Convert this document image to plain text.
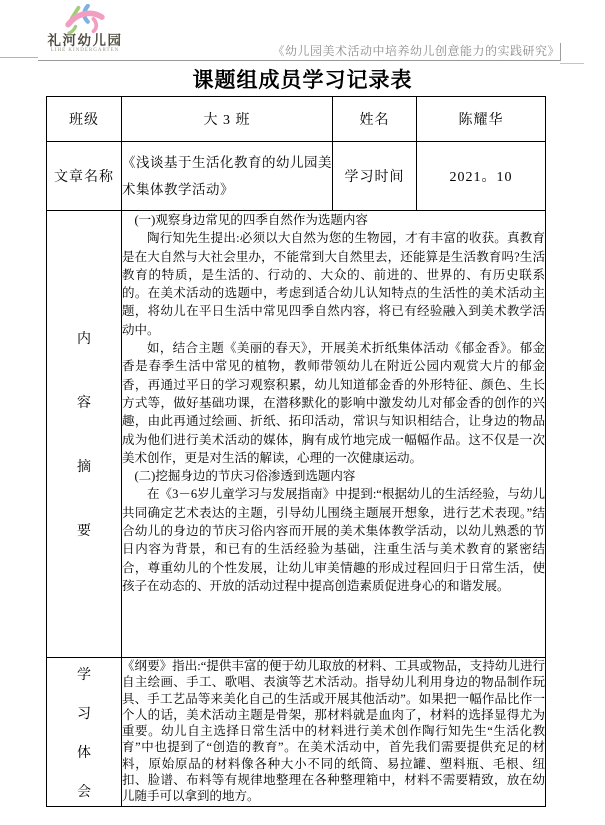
礼河幼儿园
LIHE KINDERGARTEN	《幼儿园美术活动中培养幼儿创意能力的实践研究》
课题组成员学习记录表
班级	大 3 班	姓名	陈耀华
文章名称	《浅谈基于生活化教育的幼儿园美术集体教学活动》	学习时间	2021。10

内
容
摘
要

(一)观察身边常见的四季自然作为选题内容

陶行知先生提出:必须以大自然为您的生物园，才有丰富的收获。真教育是在大自然与大社会里办，不能常到大自然里去，还能算是生活教育吗?生活教育的特质，是生活的、行动的、大众的、前进的、世界的、有历史联系的。在美术活动的选题中，考虑到适合幼儿认知特点的生活性的美术活动主题，将幼儿在平日生活中常见四季自然内容，将已有经验融入到美术教学活动中。

如，结合主题《美丽的春天》，开展美术折纸集体活动《郁金香》。郁金香是春季生活中常见的植物，教师带领幼儿在附近公园内观赏大片的郁金香，再通过平日的学习观察积累，幼儿知道郁金香的外形特征、颜色、生长方式等，做好基础功课，在潜移默化的影响中激发幼儿对郁金香的创作的兴趣，由此再通过绘画、折纸、拓印活动，常识与知识相结合，让身边的物品成为他们进行美术活动的媒体，胸有成竹地完成一幅幅作品。这不仅是一次美术创作，更是对生活的解读，心理的一次健康运动。

(二)挖掘身边的节庆习俗渗透到选题内容

在《3－6岁儿童学习与发展指南》中提到:“根据幼儿的生活经验，与幼儿共同确定艺术表达的主题，引导幼儿围绕主题展开想象，进行艺术表现。”结合幼儿的身边的节庆习俗内容而开展的美术集体教学活动，以幼儿熟悉的节日内容为背景，和已有的生活经验为基础，注重生活与美术教育的紧密结合，尊重幼儿的个性发展，让幼儿审美情趣的形成过程回归于日常生活，使孩子在动态的、开放的活动过程中提高创造素质促进身心的和谐发展。

学
习
体
会

《纲要》指出:“提供丰富的便于幼儿取放的材料、工具或物品，支持幼儿进行自主绘画、手工、歌唱、表演等艺术活动。指导幼儿利用身边的物品制作玩具、手工艺品等来美化自己的生活或开展其他活动”。如果把一幅作品比作一个人的话，美术活动主题是骨架，那材料就是血肉了，材料的选择显得尤为重要。幼儿自主选择日常生活中的材料进行美术创作陶行知先生“生活化教育”中也提到了“创造的教育”。在美术活动中，首先我们需要提供充足的材料，原始原品的材料像各种大小不同的纸筒、易拉罐、塑料瓶、毛根、纽扣、脸谱、布料等有规律地整理在各种整理箱中，材料不需要精致，放在幼儿随手可以拿到的地方。
